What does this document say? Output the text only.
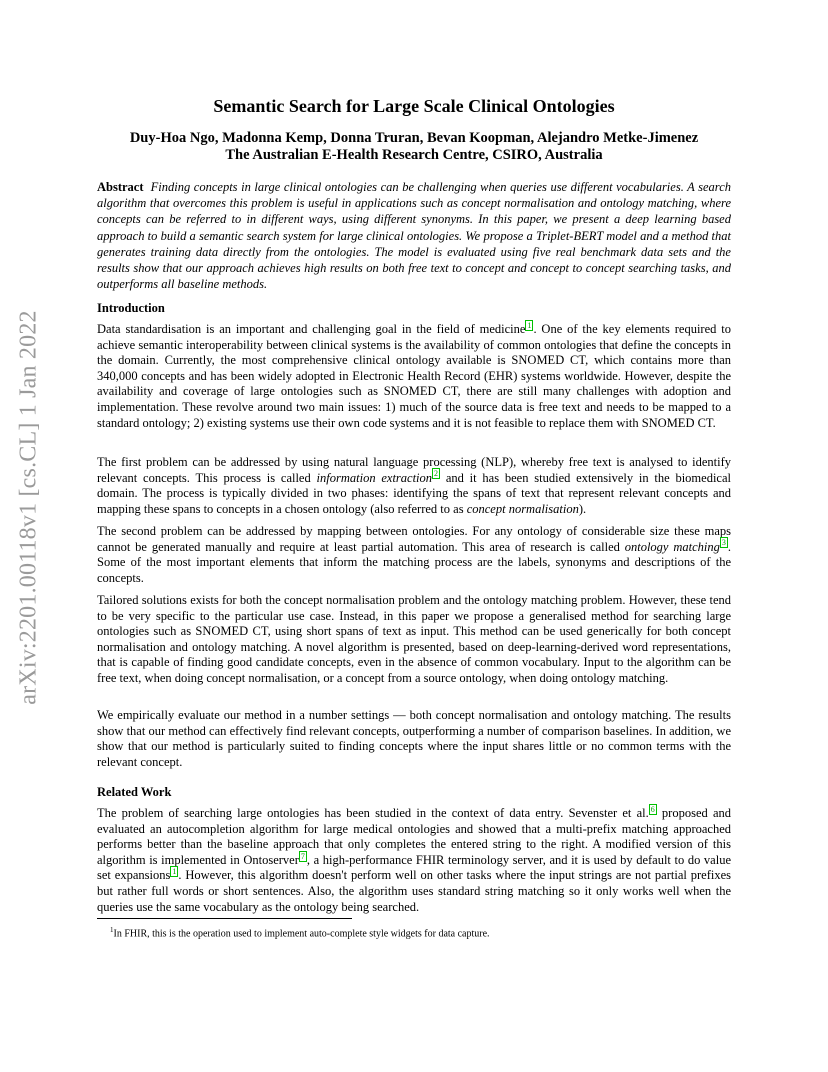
arXiv:2201.00118v1 [cs.CL] 1 Jan 2022
Semantic Search for Large Scale Clinical Ontologies
Duy-Hoa Ngo, Madonna Kemp, Donna Truran, Bevan Koopman, Alejandro Metke-Jimenez
The Australian E-Health Research Centre, CSIRO, Australia
Abstract Finding concepts in large clinical ontologies can be challenging when queries use different vocabularies. A search algorithm that overcomes this problem is useful in applications such as concept normalisation and ontology matching, where concepts can be referred to in different ways, using different synonyms. In this paper, we present a deep learning based approach to build a semantic search system for large clinical ontologies. We propose a Triplet-BERT model and a method that generates training data directly from the ontologies. The model is evaluated using five real benchmark data sets and the results show that our approach achieves high results on both free text to concept and concept to concept searching tasks, and outperforms all baseline methods.
Introduction
Data standardisation is an important and challenging goal in the field of medicine $^1$ . One of the key elements required to achieve semantic interoperability between clinical systems is the availability of common ontologies that define the concepts in the domain. Currently, the most comprehensive clinical ontology available is SNOMED CT, which contains more than 340,000 concepts and has been widely adopted in Electronic Health Record (EHR) systems worldwide. However, despite the availability and coverage of large ontologies such as SNOMED CT, there are still many challenges with adoption and implementation. These revolve around two main issues: 1) much of the source data is free text and needs to be mapped to a standard ontology; 2) existing systems use their own code systems and it is not feasible to replace them with SNOMED CT.
The first problem can be addressed by using natural language processing (NLP), whereby free text is analysed to identify relevant concepts. This process is called information extraction $^2$ and it has been studied extensively in the biomedical domain. The process is typically divided in two phases: identifying the spans of text that represent relevant concepts and mapping these spans to concepts in a chosen ontology (also referred to as concept normalisation).
The second problem can be addressed by mapping between ontologies. For any ontology of considerable size these maps cannot be generated manually and require at least partial automation. This area of research is called ontology matching $^3$ . Some of the most important elements that inform the matching process are the labels, synonyms and descriptions of the concepts.
Tailored solutions exists for both the concept normalisation problem and the ontology matching problem. However, these tend to be very specific to the particular use case. Instead, in this paper we propose a generalised method for searching large ontologies such as SNOMED CT, using short spans of text as input. This method can be used generically for both concept normalisation and ontology matching. A novel algorithm is presented, based on deep-learning-derived word representations, that is capable of finding good candidate concepts, even in the absence of common vocabulary. Input to the algorithm can be free text, when doing concept normalisation, or a concept from a source ontology, when doing ontology matching.
We empirically evaluate our method in a number settings — both concept normalisation and ontology matching. The results show that our method can effectively find relevant concepts, outperforming a number of comparison baselines. In addition, we show that our method is particularly suited to finding concepts where the input shares little or no common terms with the relevant concept.
Related Work
The problem of searching large ontologies has been studied in the context of data entry. Sevenster et al. $^6$ proposed and evaluated an autocompletion algorithm for large medical ontologies and showed that a multi-prefix matching approached performs better than the baseline approach that only completes the entered string to the right. A modified version of this algorithm is implemented in Ontoserver $^7$ , a high-performance FHIR terminology server, and it is used by default to do value set expansions $^1$ . However, this algorithm doesn't perform well on other tasks where the input strings are not partial prefixes but rather full words or short sentences. Also, the algorithm uses standard string matching so it only works well when the queries use the same vocabulary as the ontology being searched.
$^1$In FHIR, this is the operation used to implement auto-complete style widgets for data capture.
